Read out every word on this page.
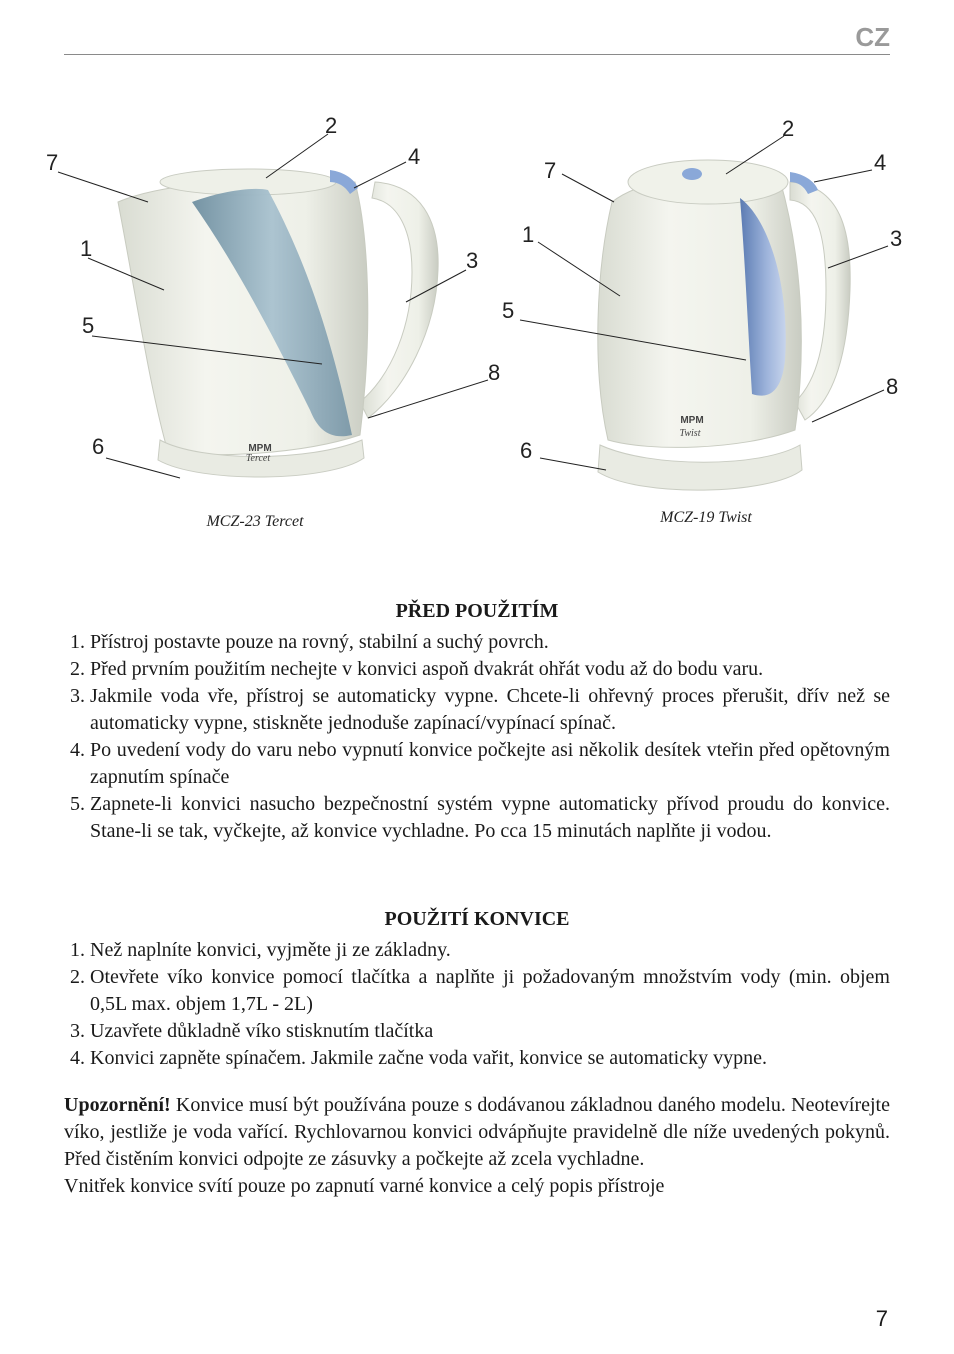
CZ
MPM
Tercet
MPM
Twist
7
2
4
1	3
5
8
6
MCZ-23 Tercet
7
2
4
1	3
5
8
6
MCZ-19 Twist
PŘED POUŽITÍM
1. Přístroj postavte pouze na rovný, stabilní a suchý povrch.
2. Před prvním použitím nechejte v konvici aspoň dvakrát ohřát vodu až do bodu varu.
3. Jakmile voda vře, přístroj se automaticky vypne. Chcete-li ohřevný proces přerušit, dřív než se automaticky vypne, stiskněte jednoduše zapínací/vypínací spínač.
4. Po uvedení vody do varu nebo vypnutí konvice počkejte asi několik desítek vteřin před opětovným zapnutím spínače
5. Zapnete-li konvici nasucho bezpečnostní systém vypne automaticky přívod proudu do konvice. Stane-li se tak, vyčkejte, až konvice vychladne. Po cca 15 minutách naplňte ji vodou.
POUŽITÍ KONVICE
1. Než naplníte konvici, vyjměte ji ze základny.
2. Otevřete víko konvice pomocí tlačítka a naplňte ji požadovaným množstvím vody (min. objem 0,5L max. objem 1,7L - 2L)
3. Uzavřete důkladně víko stisknutím tlačítka
4. Konvici zapněte spínačem. Jakmile začne voda vařit, konvice se automaticky vypne.

Upozornění! Konvice musí být používána pouze s dodávanou základnou daného modelu. Neotevírejte víko, jestliže je voda vařící. Rychlovarnou konvici odvápňujte pravidelně dle níže uvedených pokynů. Před čistěním konvici odpojte ze zásuvky a počkejte až zcela vychladne.

Vnitřek konvice svítí pouze po zapnutí varné konvice a celý popis přístroje

7
